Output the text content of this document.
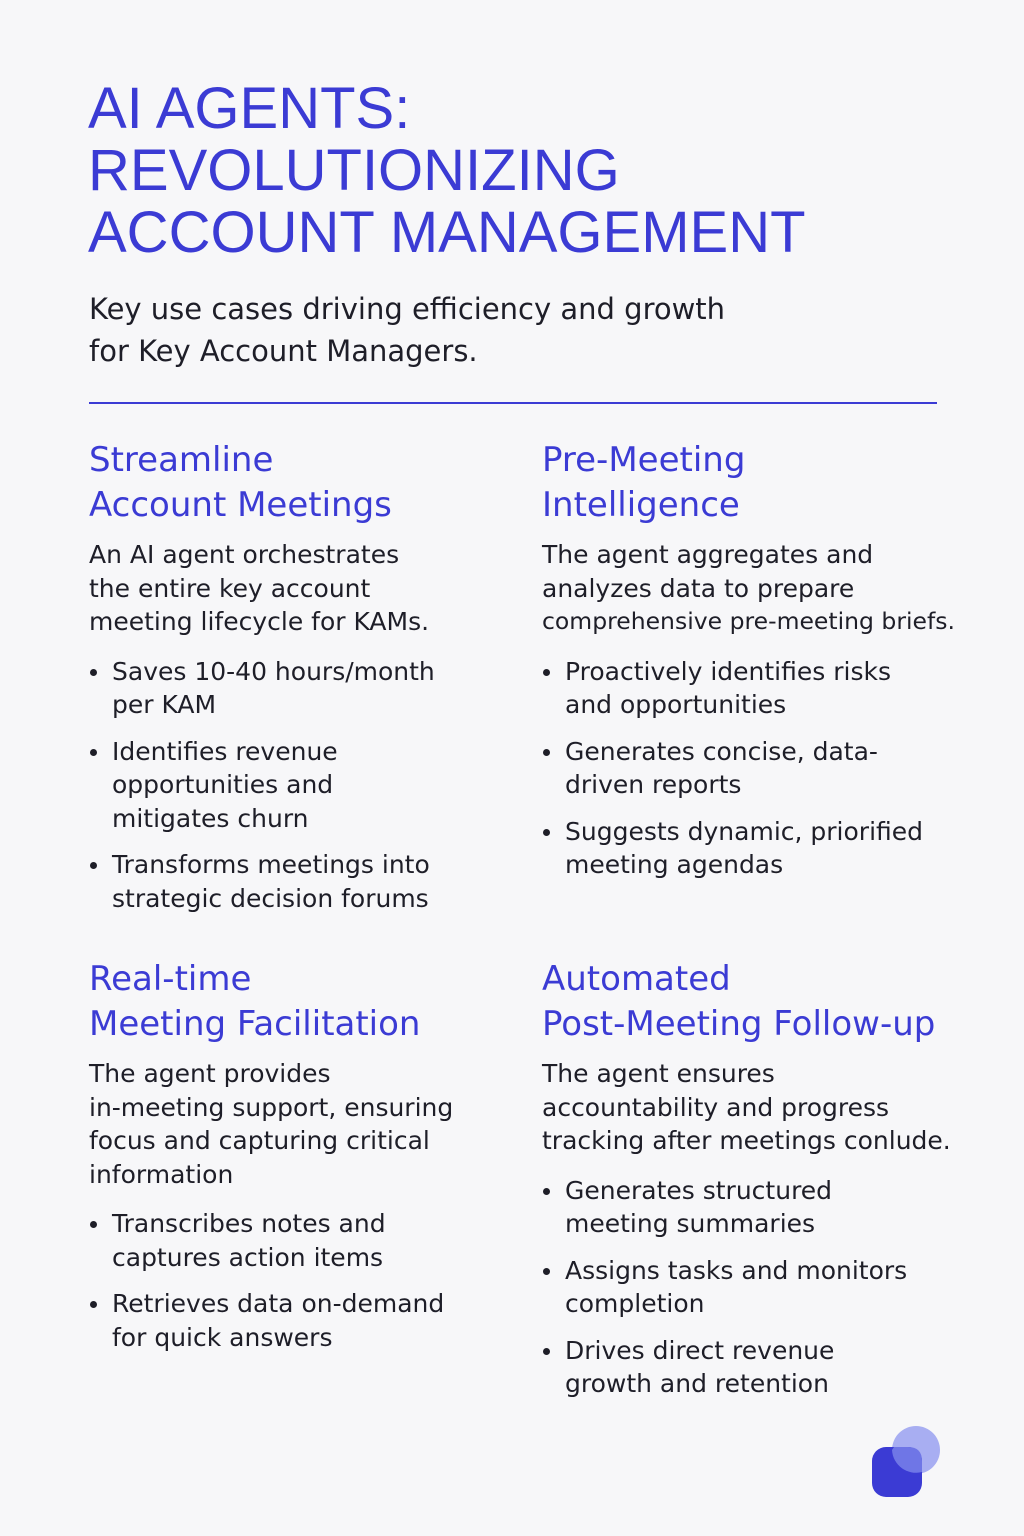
AI AGENTS:
REVOLUTIONIZING
ACCOUNT MANAGEMENT

Key use cases driving efficiency and growth
for Key Account Managers.

Streamline
Account Meetings

An AI agent orchestrates
the entire key account
meeting lifecycle for KAMs.

Saves 10-40 hours/month
per KAM
Identifies revenue
opportunities and
mitigates churn
Transforms meetings into
strategic decision forums
Pre-Meeting
Intelligence

The agent aggregates and
analyzes data to prepare
comprehensive pre-meeting briefs.

Proactively identifies risks
and opportunities
Generates concise, data-
driven reports
Suggests dynamic, priorified
meeting agendas
Real-time
Meeting Facilitation

The agent provides
in-meeting support, ensuring
focus and capturing critical
information

Transcribes notes and
captures action items
Retrieves data on-demand
for quick answers
Automated
Post-Meeting Follow-up

The agent ensures
accountability and progress
tracking after meetings conlude.

Generates structured
meeting summaries
Assigns tasks and monitors
completion
Drives direct revenue
growth and retention
